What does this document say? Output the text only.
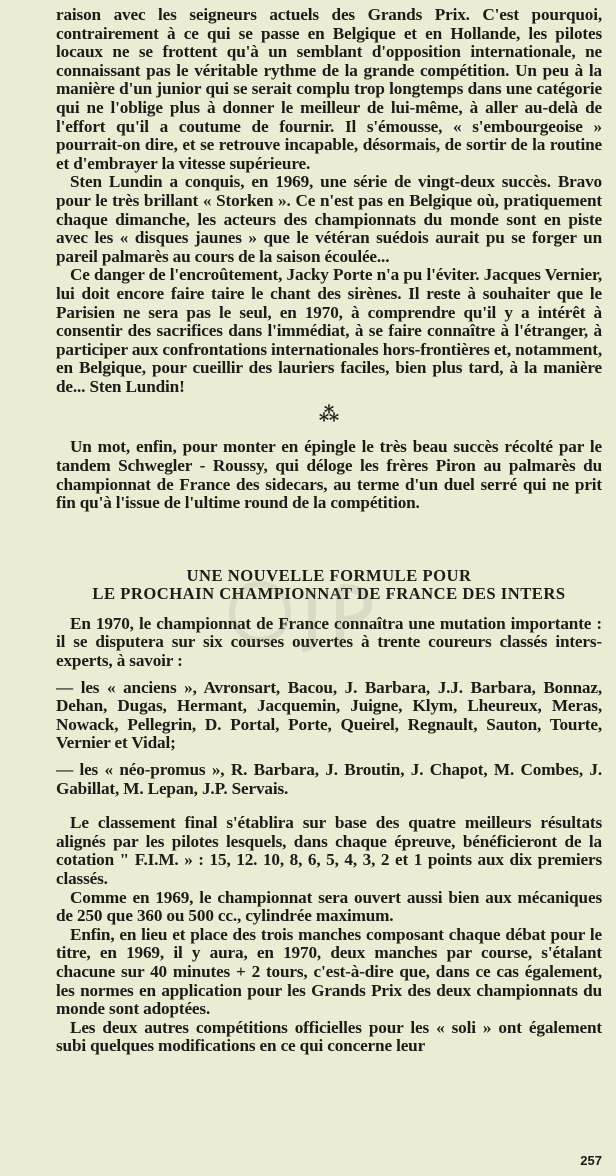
raison avec les seigneurs actuels des Grands Prix. C'est pourquoi, contrairement à ce qui se passe en Belgique et en Hollande, les pilotes locaux ne se frottent qu'à un semblant d'opposition internationale, ne connaissant pas le véritable rythme de la grande compétition. Un peu à la manière d'un junior qui se serait complu trop longtemps dans une catégorie qui ne l'oblige plus à donner le meilleur de lui-même, à aller au-delà de l'effort qu'il a coutume de fournir. Il s'émousse, « s'embourgeoise » pourrait-on dire, et se retrouve incapable, désormais, de sortir de la routine et d'embrayer la vitesse supérieure.

Sten Lundin a conquis, en 1969, une série de vingt-deux succès. Bravo pour le très brillant « Storken ». Ce n'est pas en Belgique où, pratiquement chaque dimanche, les acteurs des championnats du monde sont en piste avec les « disques jaunes » que le vétéran suédois aurait pu se forger un pareil palmarès au cours de la saison écoulée...

Ce danger de l'encroûtement, Jacky Porte n'a pu l'éviter. Jacques Vernier, lui doit encore faire taire le chant des sirènes. Il reste à souhaiter que le Parisien ne sera pas le seul, en 1970, à comprendre qu'il y a intérêt à consentir des sacrifices dans l'immédiat, à se faire connaître à l'étranger, à participer aux confrontations internationales hors-frontières et, notamment, en Belgique, pour cueillir des lauriers faciles, bien plus tard, à la manière de... Sten Lundin!

⁂

Un mot, enfin, pour monter en épingle le très beau succès récolté par le tandem Schwegler - Roussy, qui déloge les frères Piron au palmarès du championnat de France des sidecars, au terme d'un duel serré qui ne prit fin qu'à l'issue de l'ultime round de la compétition.

UNE NOUVELLE FORMULE POUR
LE PROCHAIN CHAMPIONNAT DE FRANCE DES INTERS

En 1970, le championnat de France connaîtra une mutation importante : il se disputera sur six courses ouvertes à trente coureurs classés inters-experts, à savoir :

— les « anciens », Avronsart, Bacou, J. Barbara, J.J. Barbara, Bonnaz, Dehan, Dugas, Hermant, Jacquemin, Juigne, Klym, Lheureux, Meras, Nowack, Pellegrin, D. Portal, Porte, Queirel, Regnault, Sauton, Tourte, Vernier et Vidal;

— les « néo-promus », R. Barbara, J. Broutin, J. Chapot, M. Combes, J. Gabillat, M. Lepan, J.P. Servais.

Le classement final s'établira sur base des quatre meilleurs résultats alignés par les pilotes lesquels, dans chaque épreuve, bénéficieront de la cotation " F.I.M. » : 15, 12. 10, 8, 6, 5, 4, 3, 2 et 1 points aux dix premiers classés.

Comme en 1969, le championnat sera ouvert aussi bien aux mécaniques de 250 que 360 ou 500 cc., cylindrée maximum.

Enfin, en lieu et place des trois manches composant chaque débat pour le titre, en 1969, il y aura, en 1970, deux manches par course, s'étalant chacune sur 40 minutes + 2 tours, c'est-à-dire que, dans ce cas également, les normes en application pour les Grands Prix des deux championnats du monde sont adoptées.

Les deux autres compétitions officielles pour les « soli » ont également subi quelques modifications en ce qui concerne leur

257
